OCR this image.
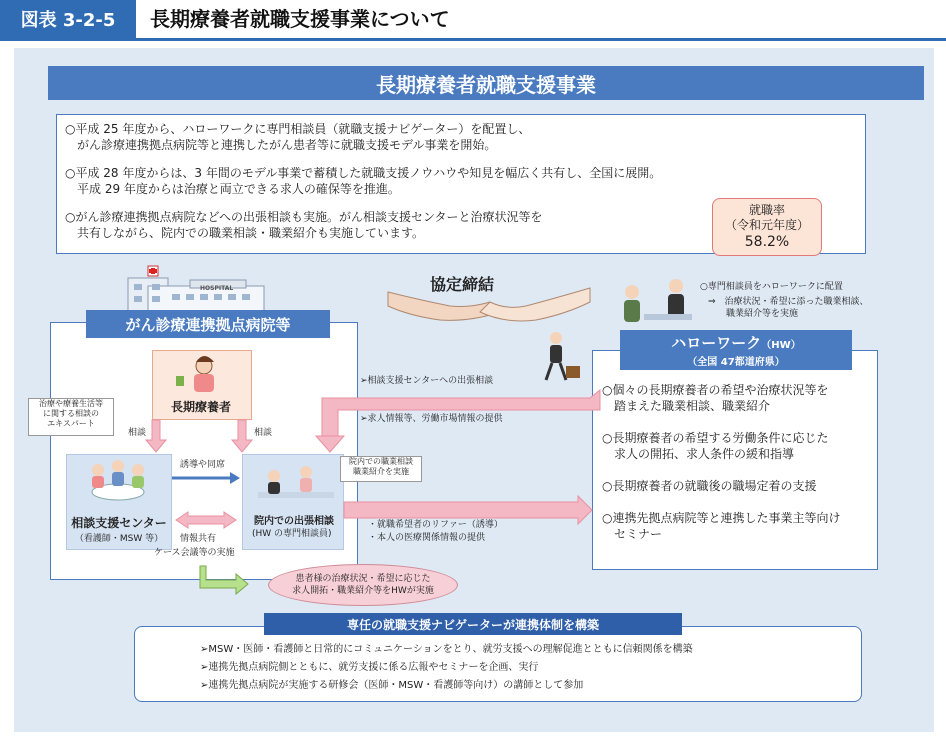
図表 3-2-5	長期療養者就職支援事業について
長期療養者就職支援事業
○平成 25 年度から、ハローワークに専門相談員（就職支援ナビゲーター）を配置し、
　がん診療連携拠点病院等と連携したがん患者等に就職支援モデル事業を開始。
○平成 28 年度からは、3 年間のモデル事業で蓄積した就職支援ノウハウや知見を幅広く共有し、全国に展開。
　平成 29 年度からは治療と両立できる求人の確保等を推進。
○がん診療連携拠点病院などへの出張相談も実施。がん相談支援センターと治療状況等を
　共有しながら、院内での職業相談・職業紹介も実施しています。
就職率
（令和元年度）
58.2%
協定締結
がん診療連携拠点病院等
HOSPITAL
長期療養者
相談	相談
治療や療養生活等
に関する相談の
エキスパート
誘導や同席	院内での職業相談
職業紹介を実施
相談支援センター
（看護師・MSW 等）
院内での出張相談
(HW の専門相談員)
情報共有
ケース会議等の実施
➢相談支援センターへの出張相談
➢求人情報等、労働市場情報の提供
・就職希望者のリファー（誘導）
・本人の医療関係情報の提供
患者様の治療状況・希望に応じた
求人開拓・職業紹介等をHWが実施
○専門相談員をハローワークに配置
⇒　治療状況・希望に添った職業相談、
　　職業紹介等を実施
ハローワーク（HW）
（全国 47都道府県）
○個々の長期療養者の希望や治療状況等を
　踏まえた職業相談、職業紹介
○長期療養者の希望する労働条件に応じた
　求人の開拓、求人条件の緩和指導
○長期療養者の就職後の職場定着の支援
○連携先拠点病院等と連携した事業主等向け
　セミナー
専任の就職支援ナビゲーターが連携体制を構築
➢MSW・医師・看護師と日常的にコミュニケーションをとり、就労支援への理解促進とともに信頼関係を構築
➢連携先拠点病院側とともに、就労支援に係る広報やセミナーを企画、実行
➢連携先拠点病院が実施する研修会（医師・MSW・看護師等向け）の講師として参加
